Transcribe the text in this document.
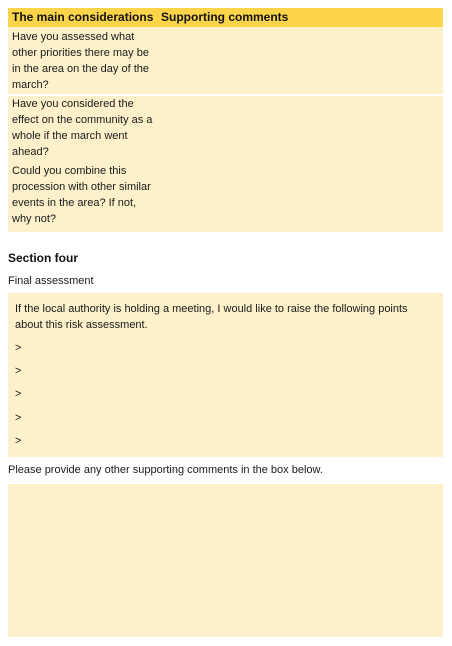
The main considerations Supporting comments
Have you assessed what other priorities there may be in the area on the day of the march?
Have you considered the effect on the community as a whole if the march went ahead?
Could you combine this procession with other similar events in the area? If not, why not?
Section four
Final assessment
If the local authority is holding a meeting, I would like to raise the following points about this risk assessment.
>
>
>
>
>
Please provide any other supporting comments in the box below.
